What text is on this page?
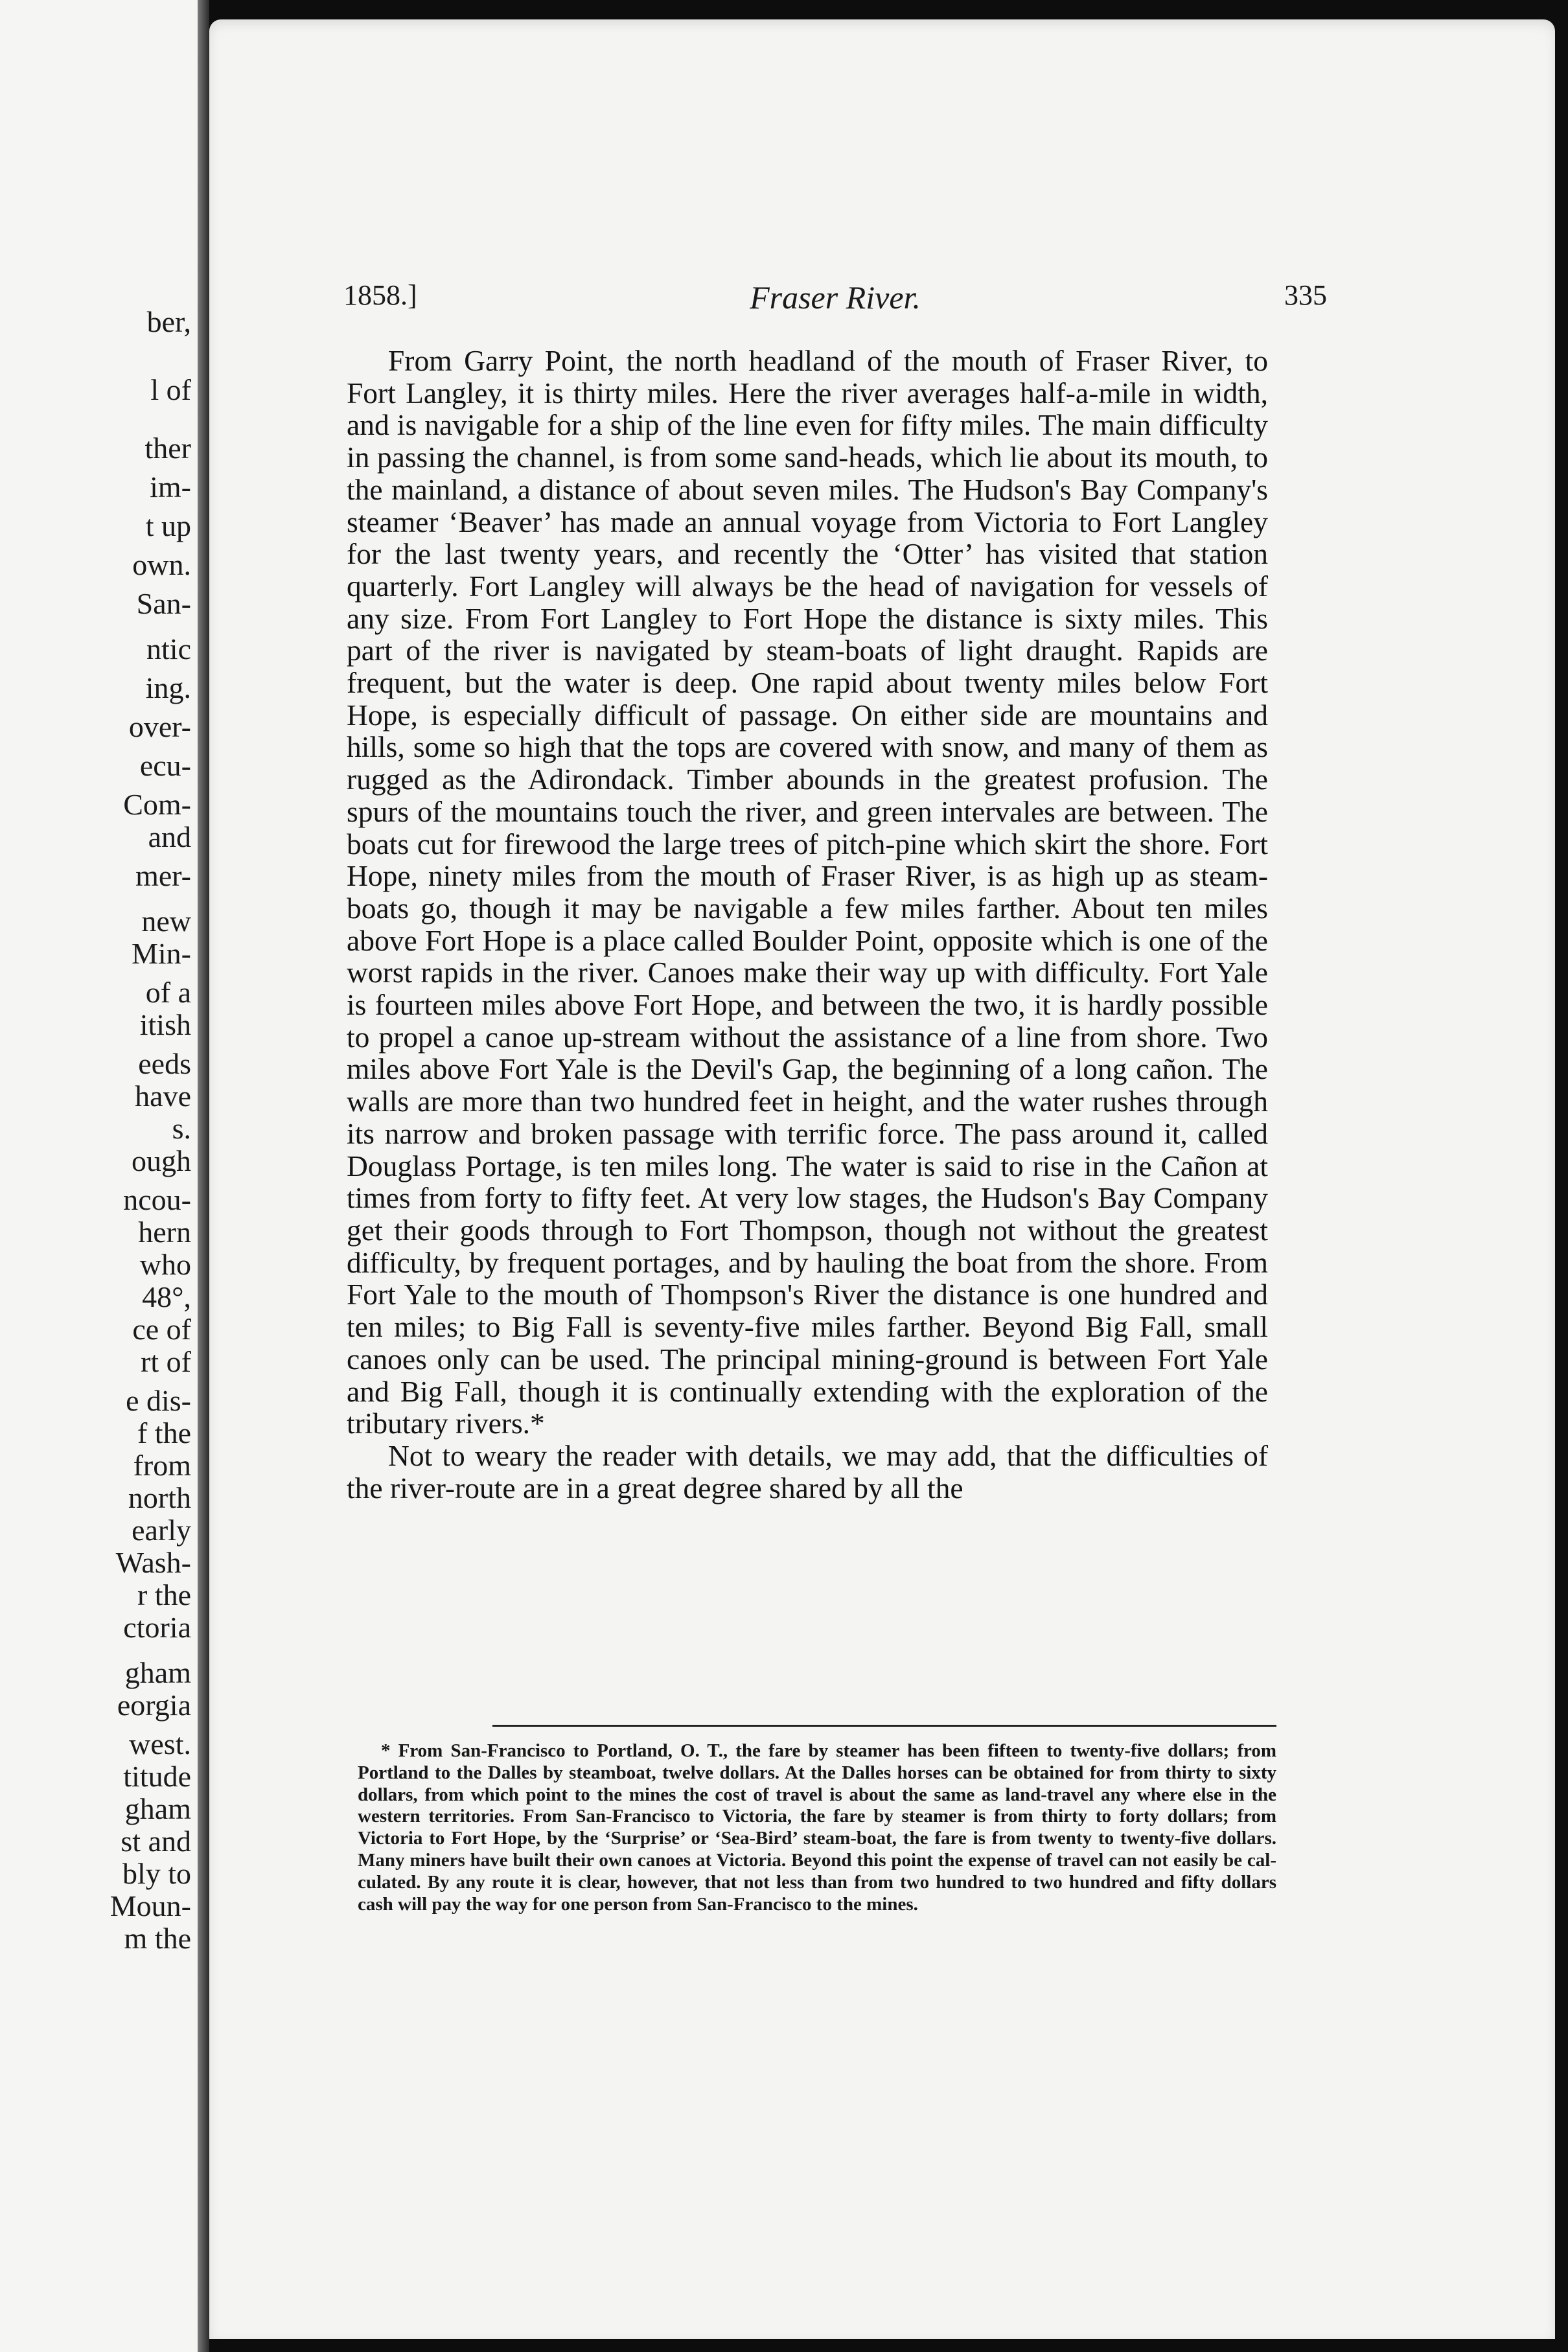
ber,
l of
ther
im-
t up
own.
San-
ntic
ing.
over-
ecu-
Com-
and
mer-
new
Min-
of a
itish
eeds
have
s.
ough
ncou-
hern
who
48°,
ce of
rt of
e dis-
f the
from
north
early
Wash-
r the
ctoria
gham
eorgia
west.
titude
gham
st and
bly to
Moun-
m the
1858.]	Fraser River.	335

From Garry Point, the north headland of the mouth of Fraser River, to Fort Langley, it is thirty miles. Here the river averages half-a-mile in width, and is navigable for a ship of the line even for fifty miles. The main difficulty in passing the channel, is from some sand-heads, which lie about its mouth, to the mainland, a distance of about seven miles. The Hudson's Bay Company's steamer ‘Beaver’ has made an annual voyage from Victoria to Fort Langley for the last twenty years, and recently the ‘Otter’ has visited that station quarterly. Fort Langley will always be the head of navigation for vessels of any size. From Fort Langley to Fort Hope the distance is sixty miles. This part of the river is navigated by steam-boats of light draught. Rapids are frequent, but the water is deep. One rapid about twenty miles below Fort Hope, is especially difficult of passage. On either side are mountains and hills, some so high that the tops are covered with snow, and many of them as rugged as the Adirondack. Timber abounds in the greatest profusion. The spurs of the mountains touch the river, and green intervales are between. The boats cut for firewood the large trees of pitch-pine which skirt the shore. Fort Hope, ninety miles from the mouth of Fraser River, is as high up as steam-boats go, though it may be navigable a few miles farther. About ten miles above Fort Hope is a place called Boulder Point, opposite which is one of the worst rapids in the river. Canoes make their way up with difficulty. Fort Yale is fourteen miles above Fort Hope, and between the two, it is hardly possible to propel a canoe up-stream without the assistance of a line from shore. Two miles above Fort Yale is the Devil's Gap, the beginning of a long cañon. The walls are more than two hundred feet in height, and the water rushes through its narrow and broken passage with terrific force. The pass around it, called Douglass Portage, is ten miles long. The water is said to rise in the Cañon at times from forty to fifty feet. At very low stages, the Hudson's Bay Company get their goods through to Fort Thompson, though not without the greatest difficulty, by frequent portages, and by hauling the boat from the shore. From Fort Yale to the mouth of Thompson's River the distance is one hundred and ten miles; to Big Fall is seventy-five miles farther. Beyond Big Fall, small canoes only can be used. The principal mining-ground is between Fort Yale and Big Fall, though it is continually extending with the exploration of the tributary rivers.*

Not to weary the reader with details, we may add, that the difficulties of the river-route are in a great degree shared by all the

* From San-Francisco to Portland, O. T., the fare by steamer has been fifteen to twenty-five dollars; from Portland to the Dalles by steamboat, twelve dollars. At the Dalles horses can be obtained for from thirty to sixty dollars, from which point to the mines the cost of travel is about the same as land-travel any where else in the western territories. From San-Francisco to Victoria, the fare by steamer is from thirty to forty dollars; from Victoria to Fort Hope, by the ‘Surprise’ or ‘Sea-Bird’ steam-boat, the fare is from twenty to twenty-five dollars. Many miners have built their own canoes at Victoria. Beyond this point the expense of travel can not easily be calculated. By any route it is clear, however, that not less than from two hundred to two hundred and fifty dollars cash will pay the way for one person from San-Francisco to the mines.
